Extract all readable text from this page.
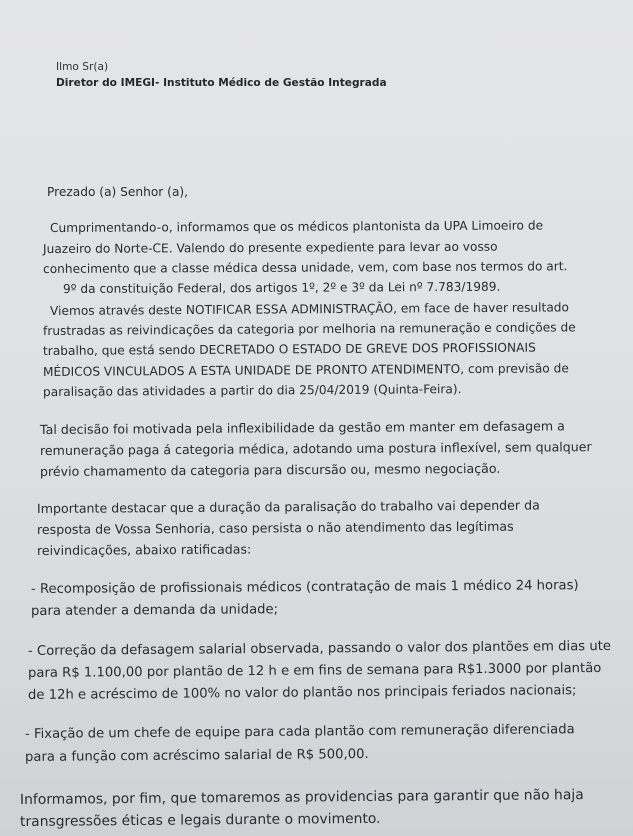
Ilmo Sr(a)
Diretor do IMEGI- Instituto Médico de Gestão Integrada
Prezado (a) Senhor (a),
Cumprimentando-o, informamos que os médicos plantonista da UPA Limoeiro de
Juazeiro do Norte-CE. Valendo do presente expediente para levar ao vosso
conhecimento que a classe médica dessa unidade, vem, com base nos termos do art.
9º da constituição Federal, dos artigos 1º, 2º e 3º da Lei nº 7.783/1989.
Viemos através deste NOTIFICAR ESSA ADMINISTRAÇÃO, em face de haver resultado
frustradas as reivindicações da categoria por melhoria na remuneração e condições de
trabalho, que está sendo DECRETADO O ESTADO DE GREVE DOS PROFISSIONAIS
MÉDICOS VINCULADOS A ESTA UNIDADE DE PRONTO ATENDIMENTO, com previsão de
paralisação das atividades a partir do dia 25/04/2019 (Quinta-Feira).
Tal decisão foi motivada pela inflexibilidade da gestão em manter em defasagem a
remuneração paga á categoria médica, adotando uma postura inflexível, sem qualquer
prévio chamamento da categoria para discursão ou, mesmo negociação.
Importante destacar que a duração da paralisação do trabalho vai depender da
resposta de Vossa Senhoria, caso persista o não atendimento das legítimas
reivindicações, abaixo ratificadas:
- Recomposição de profissionais médicos (contratação de mais 1 médico 24 horas)
para atender a demanda da unidade;
- Correção da defasagem salarial observada, passando o valor dos plantões em dias ute
para R$ 1.100,00 por plantão de 12 h e em fins de semana para R$1.3000 por plantão
de 12h e acréscimo de 100% no valor do plantão nos principais feriados nacionais;
- Fixação de um chefe de equipe para cada plantão com remuneração diferenciada
para a função com acréscimo salarial de R$ 500,00.
Informamos, por fim, que tomaremos as providencias para garantir que não haja
transgressões éticas e legais durante o movimento.
